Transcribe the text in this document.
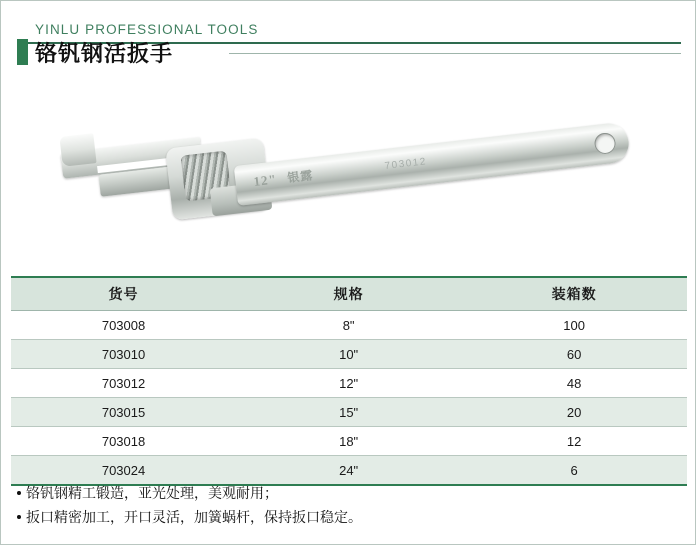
YINLU PROFESSIONAL TOOLS
铬钒钢活扳手
12" 银露
703012
货号	规格	装箱数
703008	8"	100
703010	10"	60
703012	12"	48
703015	15"	20
703018	18"	12
703024	24"	6
铬钒钢精工锻造，亚光处理，美观耐用；
扳口精密加工，开口灵活，加簧蜗杆，保持扳口稳定。
